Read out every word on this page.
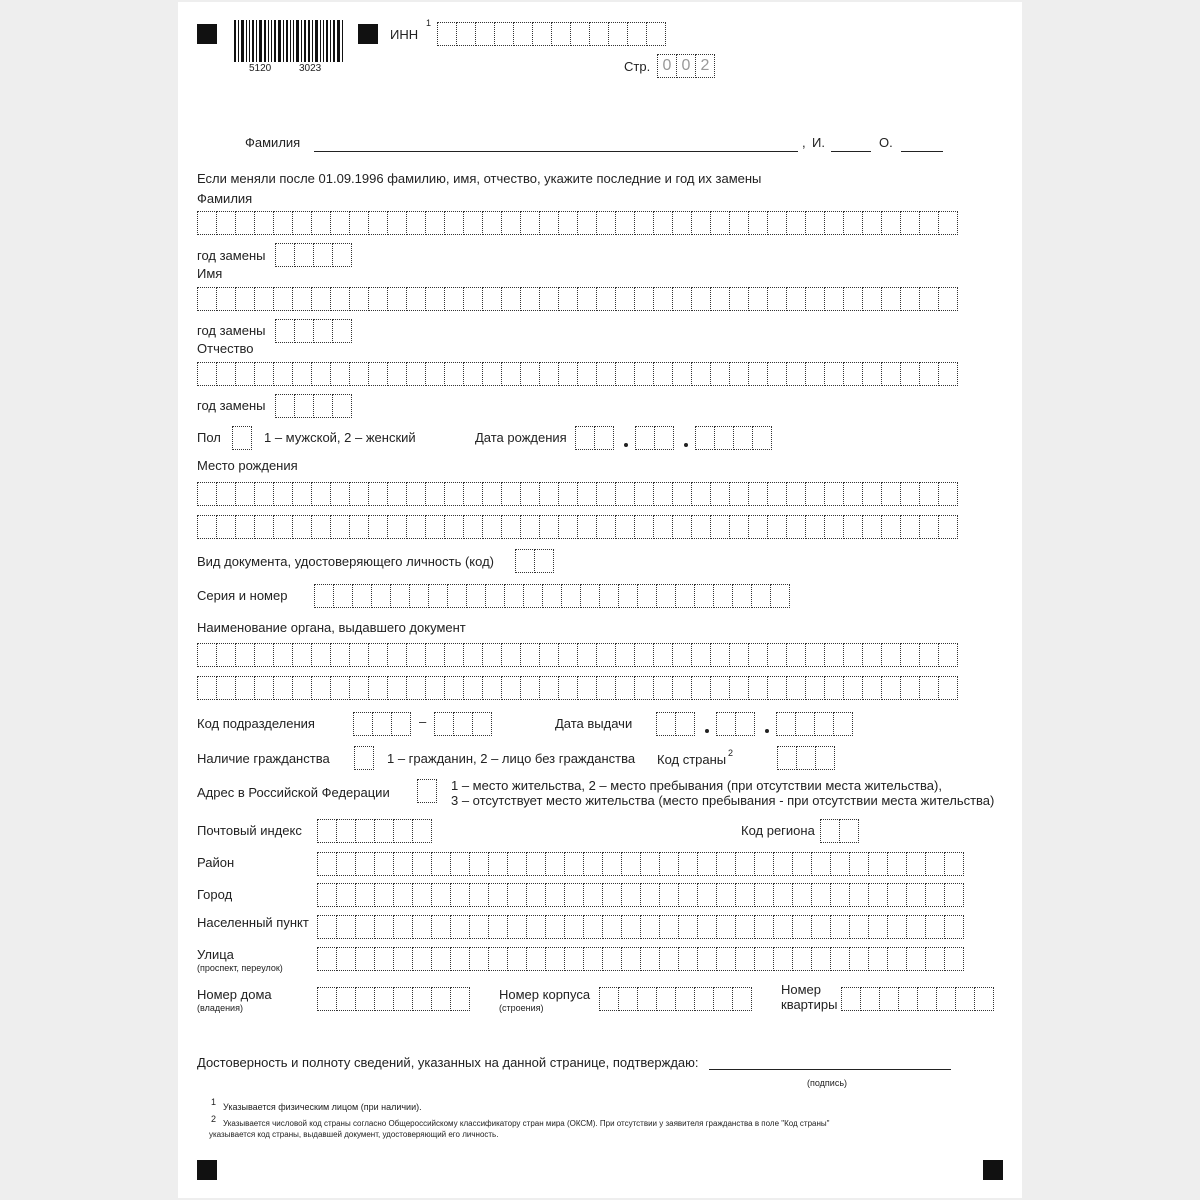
5120	3023
ИНН
1
Стр. 0 0 2
Фамилия	, И.	О.
Если меняли после 01.09.1996 фамилию, имя, отчество, укажите последние и год их замены
Фамилия
год замены
Имя
год замены
Отчество
год замены
Пол	1 – мужской, 2 – женский	Дата рождения
Место рождения
Вид документа, удостоверяющего личность (код)
Серия и номер
Наименование органа, выдавшего документ
Код подразделения	–	Дата выдачи
Наличие гражданства	1 – гражданин, 2 – лицо без гражданства Код страны 2
Адрес в Российской Федерации	1 – место жительства, 2 – место пребывания (при отсутствии места жительства),
3 – отсутствует место жительства (место пребывания - при отсутствии места жительства)
Почтовый индекс	Код региона
Район
Город
Населенный пункт
Улица
(проспект, переулок)
Номер дома
(владения)
Номер корпуса
(строения)
Номер
квартиры
Достоверность и полноту сведений, указанных на данной странице, подтверждаю:
(подпись)
1 Указывается физическим лицом (при наличии).
2 Указывается числовой код страны согласно Общероссийскому классификатору стран мира (ОКСМ). При отсутствии у заявителя гражданства в поле "Код страны"
указывается код страны, выдавшей документ, удостоверяющий его личность.
